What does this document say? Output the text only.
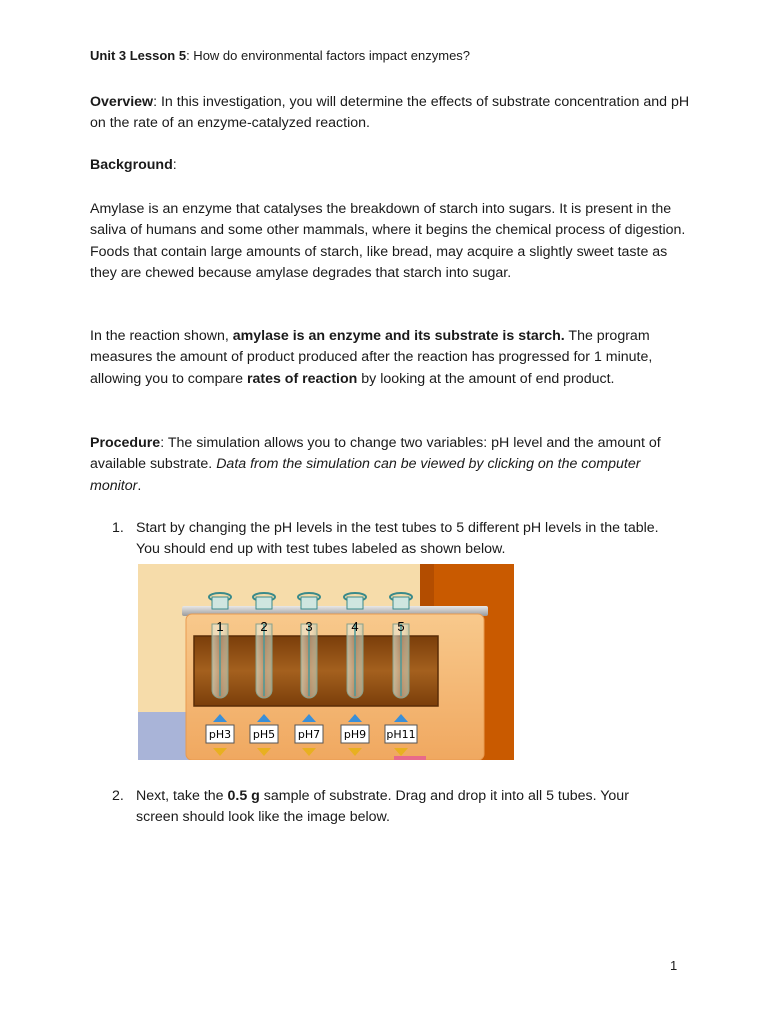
Unit 3 Lesson 5: How do environmental factors impact enzymes?

Overview: In this investigation, you will determine the effects of substrate concentration and pH on the rate of an enzyme-catalyzed reaction.

Background:

Amylase is an enzyme that catalyses the breakdown of starch into sugars. It is present in the saliva of humans and some other mammals, where it begins the chemical process of digestion. Foods that contain large amounts of starch, like bread, may acquire a slightly sweet taste as they are chewed because amylase degrades that starch into sugar.

In the reaction shown, amylase is an enzyme and its substrate is starch. The program measures the amount of product produced after the reaction has progressed for 1 minute, allowing you to compare rates of reaction by looking at the amount of end product.

Procedure: The simulation allows you to change two variables: pH level and the amount of available substrate. Data from the simulation can be viewed by clicking on the computer monitor.

1. Start by changing the pH levels in the test tubes to 5 different pH levels in the table. You should end up with test tubes labeled as shown below.
2. Next, take the 0.5 g sample of substrate. Drag and drop it into all 5 tubes. Your screen should look like the image below.
1	2	3	4	5
pH3 pH5 pH7 pH9 pH11
1
